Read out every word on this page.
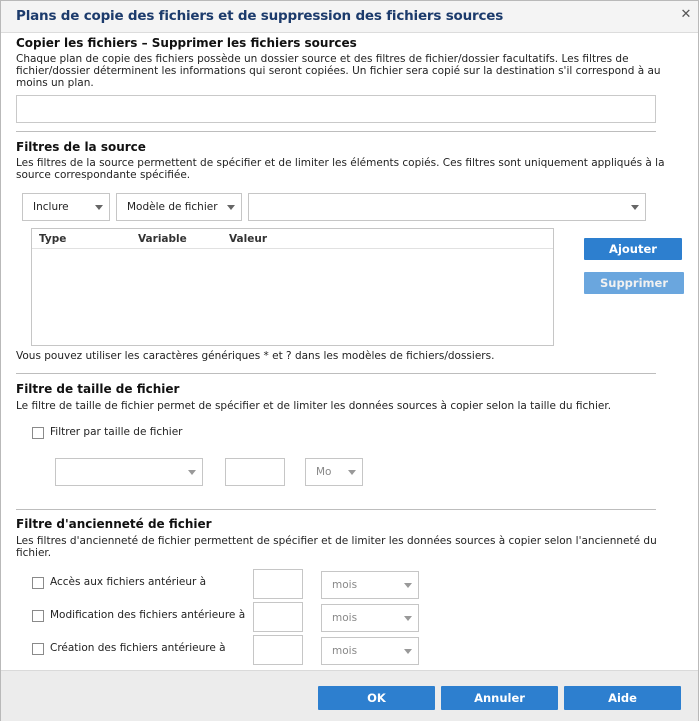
Plans de copie des fichiers et de suppression des fichiers sources	✕
Copier les fichiers – Supprimer les fichiers sources
Chaque plan de copie des fichiers possède un dossier source et des filtres de fichier/dossier facultatifs. Les filtres de
fichier/dossier déterminent les informations qui seront copiées. Un fichier sera copié sur la destination s'il correspond à au
moins un plan.
Filtres de la source
Les filtres de la source permettent de spécifier et de limiter les éléments copiés. Ces filtres sont uniquement appliqués à la
source correspondante spécifiée.
Inclure	Modèle de fichier
Type	Variable	Valeur
Ajouter
Supprimer
Vous pouvez utiliser les caractères génériques * et ? dans les modèles de fichiers/dossiers.
Filtre de taille de fichier
Le filtre de taille de fichier permet de spécifier et de limiter les données sources à copier selon la taille du fichier.
Filtrer par taille de fichier
Mo
Filtre d'ancienneté de fichier
Les filtres d'ancienneté de fichier permettent de spécifier et de limiter les données sources à copier selon l'ancienneté du
fichier.
Accès aux fichiers antérieur à	mois
Modification des fichiers antérieure à	mois
Création des fichiers antérieure à	mois
OK	Annuler	Aide
